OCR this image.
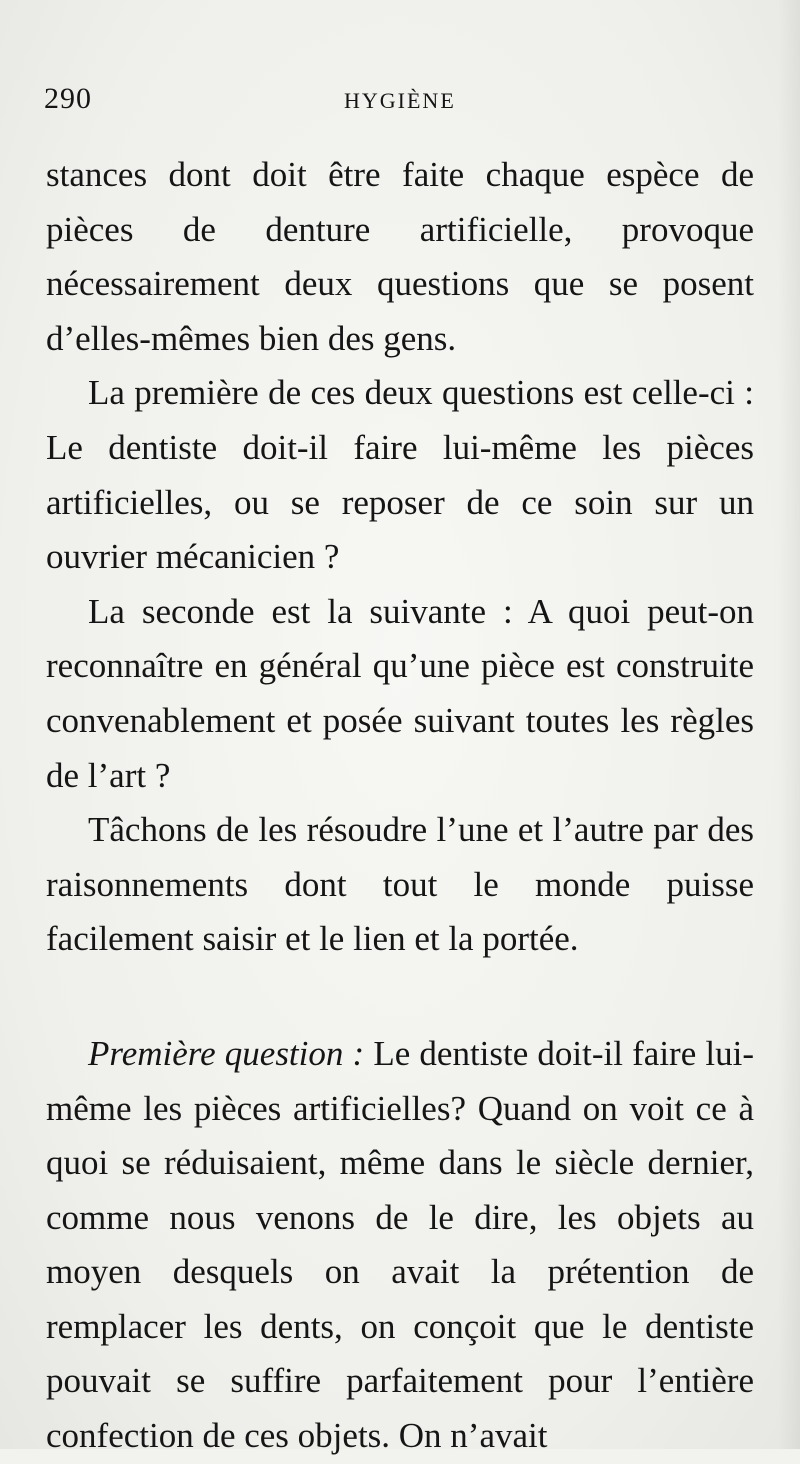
290	HYGIÈNE

stances dont doit être faite chaque espèce de pièces de denture artificielle, provoque nécessairement deux questions que se posent d’elles-mêmes bien des gens.

La première de ces deux questions est celle-ci : Le dentiste doit-il faire lui-même les pièces artificielles, ou se reposer de ce soin sur un ouvrier mécanicien ?

La seconde est la suivante : A quoi peut-on reconnaître en général qu’une pièce est construite convenablement et posée suivant toutes les règles de l’art ?

Tâchons de les résoudre l’une et l’autre par des raisonnements dont tout le monde puisse facilement saisir et le lien et la portée.

Première question : Le dentiste doit-il faire lui-même les pièces artificielles? Quand on voit ce à quoi se réduisaient, même dans le siècle dernier, comme nous venons de le dire, les objets au moyen desquels on avait la prétention de remplacer les dents, on conçoit que le dentiste pouvait se suffire parfaitement pour l’entière confection de ces objets. On n’avait
